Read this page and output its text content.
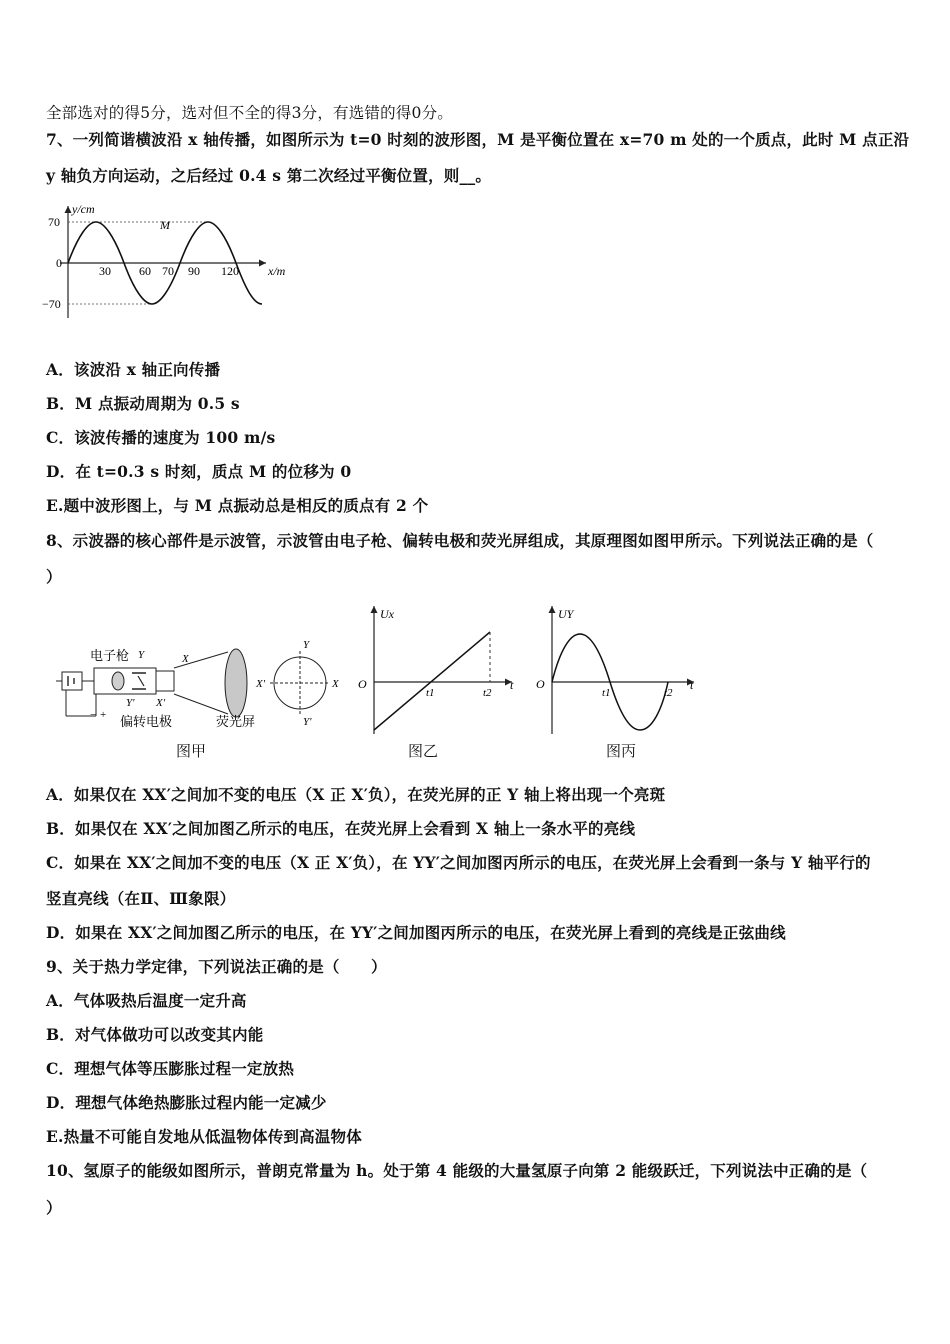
全部选对的得5分，选对但不全的得3分，有选错的得0分。
7、一列简谐横波沿 x 轴传播，如图所示为 t=0 时刻的波形图，M 是平衡位置在 x=70 m 处的一个质点，此时 M 点正沿
y 轴负方向运动，之后经过 0.4 s 第二次经过平衡位置，则__。
y/cm
x/m
M
70
0
−70
30 60 70 90 120
A．该波沿 x 轴正向传播
B．M 点振动周期为 0.5 s
C．该波传播的速度为 100 m/s
D．在 t=0.3 s 时刻，质点 M 的位移为 0
E.题中波形图上，与 M 点振动总是相反的质点有 2 个
8、示波器的核心部件是示波管，示波管由电子枪、偏转电极和荧光屏组成，其原理图如图甲所示。下列说法正确的是（
）
电子枪 Y	X
Y′ X′
− + 偏转电极	荧光屏
Y
Y′
X
X′
图甲
Ux
O
t1	t2
t
图乙
UY
O
t1	t2
t
图丙
A．如果仅在 XX′之间加不变的电压（X 正 X′负），在荧光屏的正 Y 轴上将出现一个亮斑
B．如果仅在 XX′之间加图乙所示的电压，在荧光屏上会看到 X 轴上一条水平的亮线
C．如果在 XX′之间加不变的电压（X 正 X′负），在 YY′之间加图丙所示的电压，在荧光屏上会看到一条与 Y 轴平行的
竖直亮线（在Ⅱ、Ⅲ象限）
D．如果在 XX′之间加图乙所示的电压，在 YY′之间加图丙所示的电压，在荧光屏上看到的亮线是正弦曲线
9、关于热力学定律，下列说法正确的是（　　）
A．气体吸热后温度一定升高
B．对气体做功可以改变其内能
C．理想气体等压膨胀过程一定放热
D．理想气体绝热膨胀过程内能一定减少
E.热量不可能自发地从低温物体传到高温物体
10、氢原子的能级如图所示，普朗克常量为 h。处于第 4 能级的大量氢原子向第 2 能级跃迁，下列说法中正确的是（
）
